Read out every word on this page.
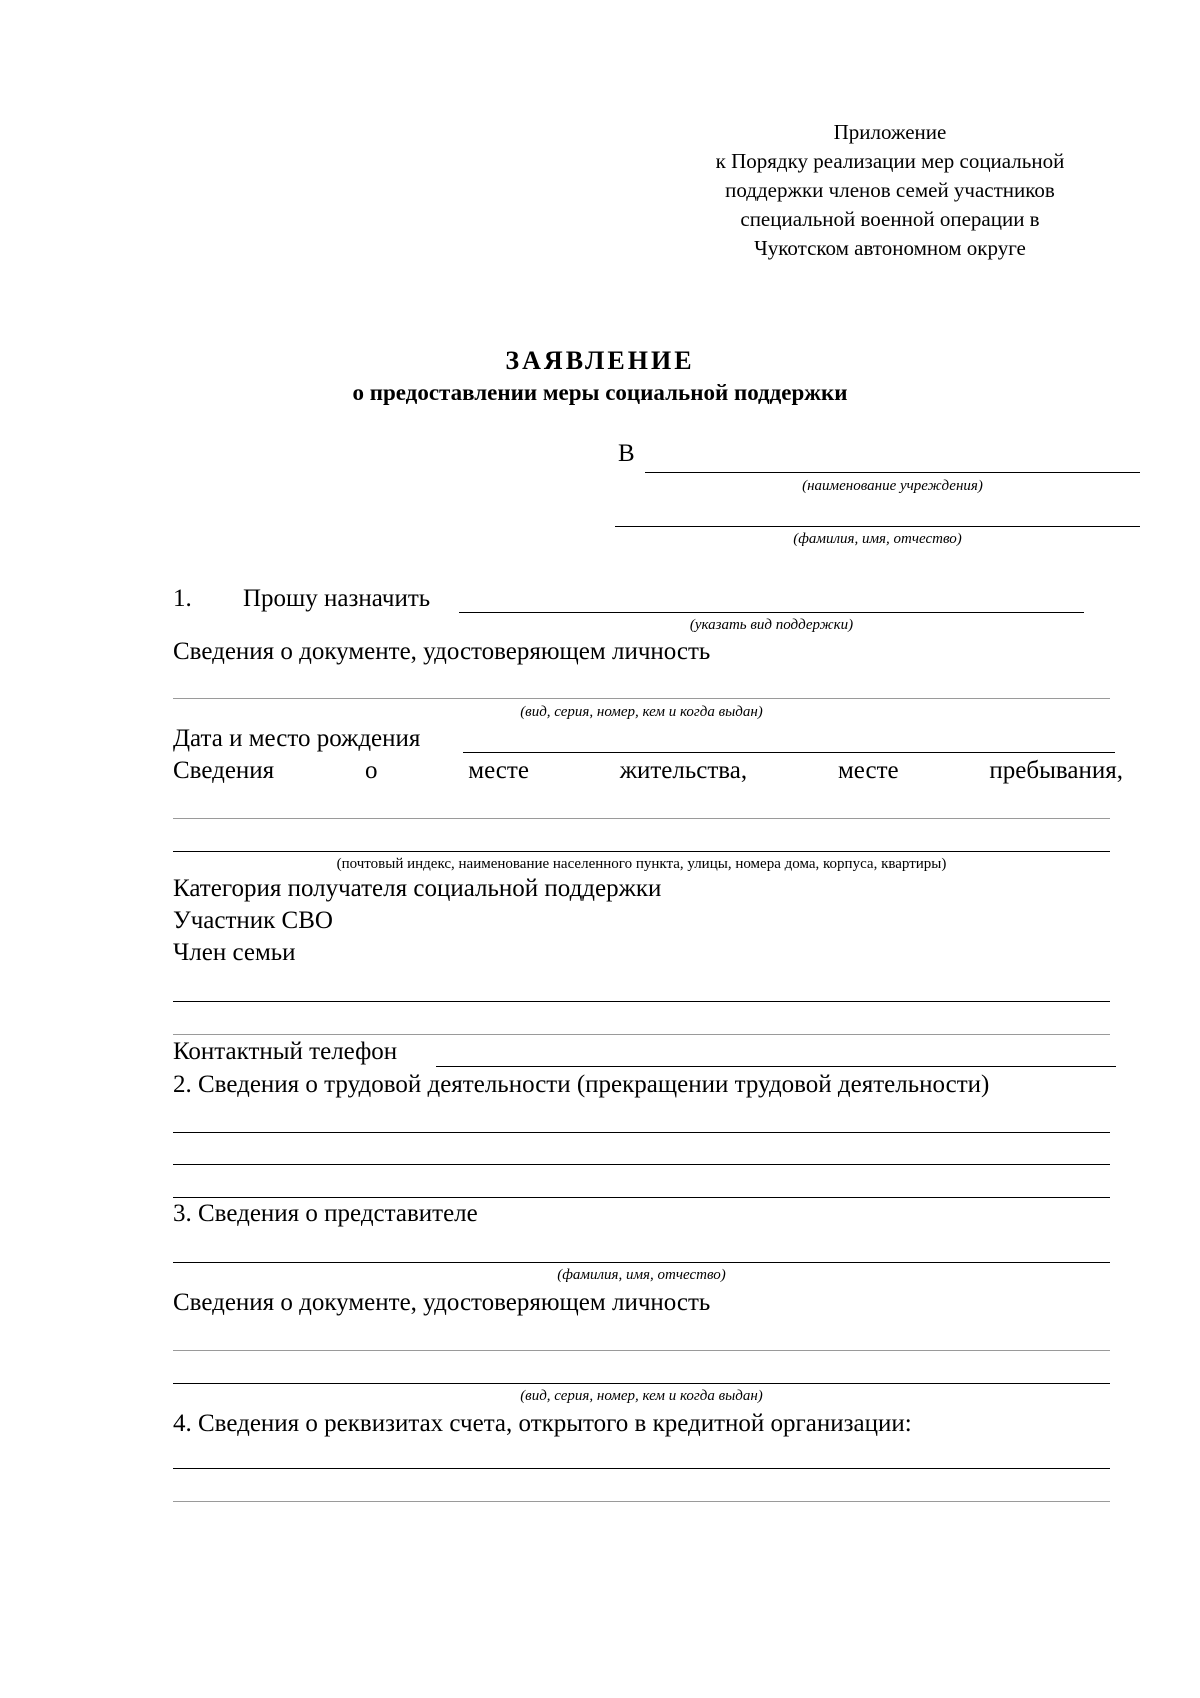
Приложение
к Порядку реализации мер социальной
поддержки членов семей участников
специальной военной операции в
Чукотском автономном округе
ЗАЯВЛЕНИЕ
о предоставлении меры социальной поддержки
В
(наименование учреждения)
(фамилия, имя, отчество)
1. Прошу назначить
(указать вид поддержки)
Сведения о документе, удостоверяющем личность
(вид, серия, номер, кем и когда выдан)
Дата и место рождения
Сведения	о	месте	жительства,	месте	пребывания,
(почтовый индекс, наименование населенного пункта, улицы, номера дома, корпуса, квартиры)
Категория получателя социальной поддержки
Участник СВО
Член семьи
Контактный телефон
2. Сведения о трудовой деятельности (прекращении трудовой деятельности)
3. Сведения о представителе
(фамилия, имя, отчество)
Сведения о документе, удостоверяющем личность
(вид, серия, номер, кем и когда выдан)
4. Сведения о реквизитах счета, открытого в кредитной организации:
